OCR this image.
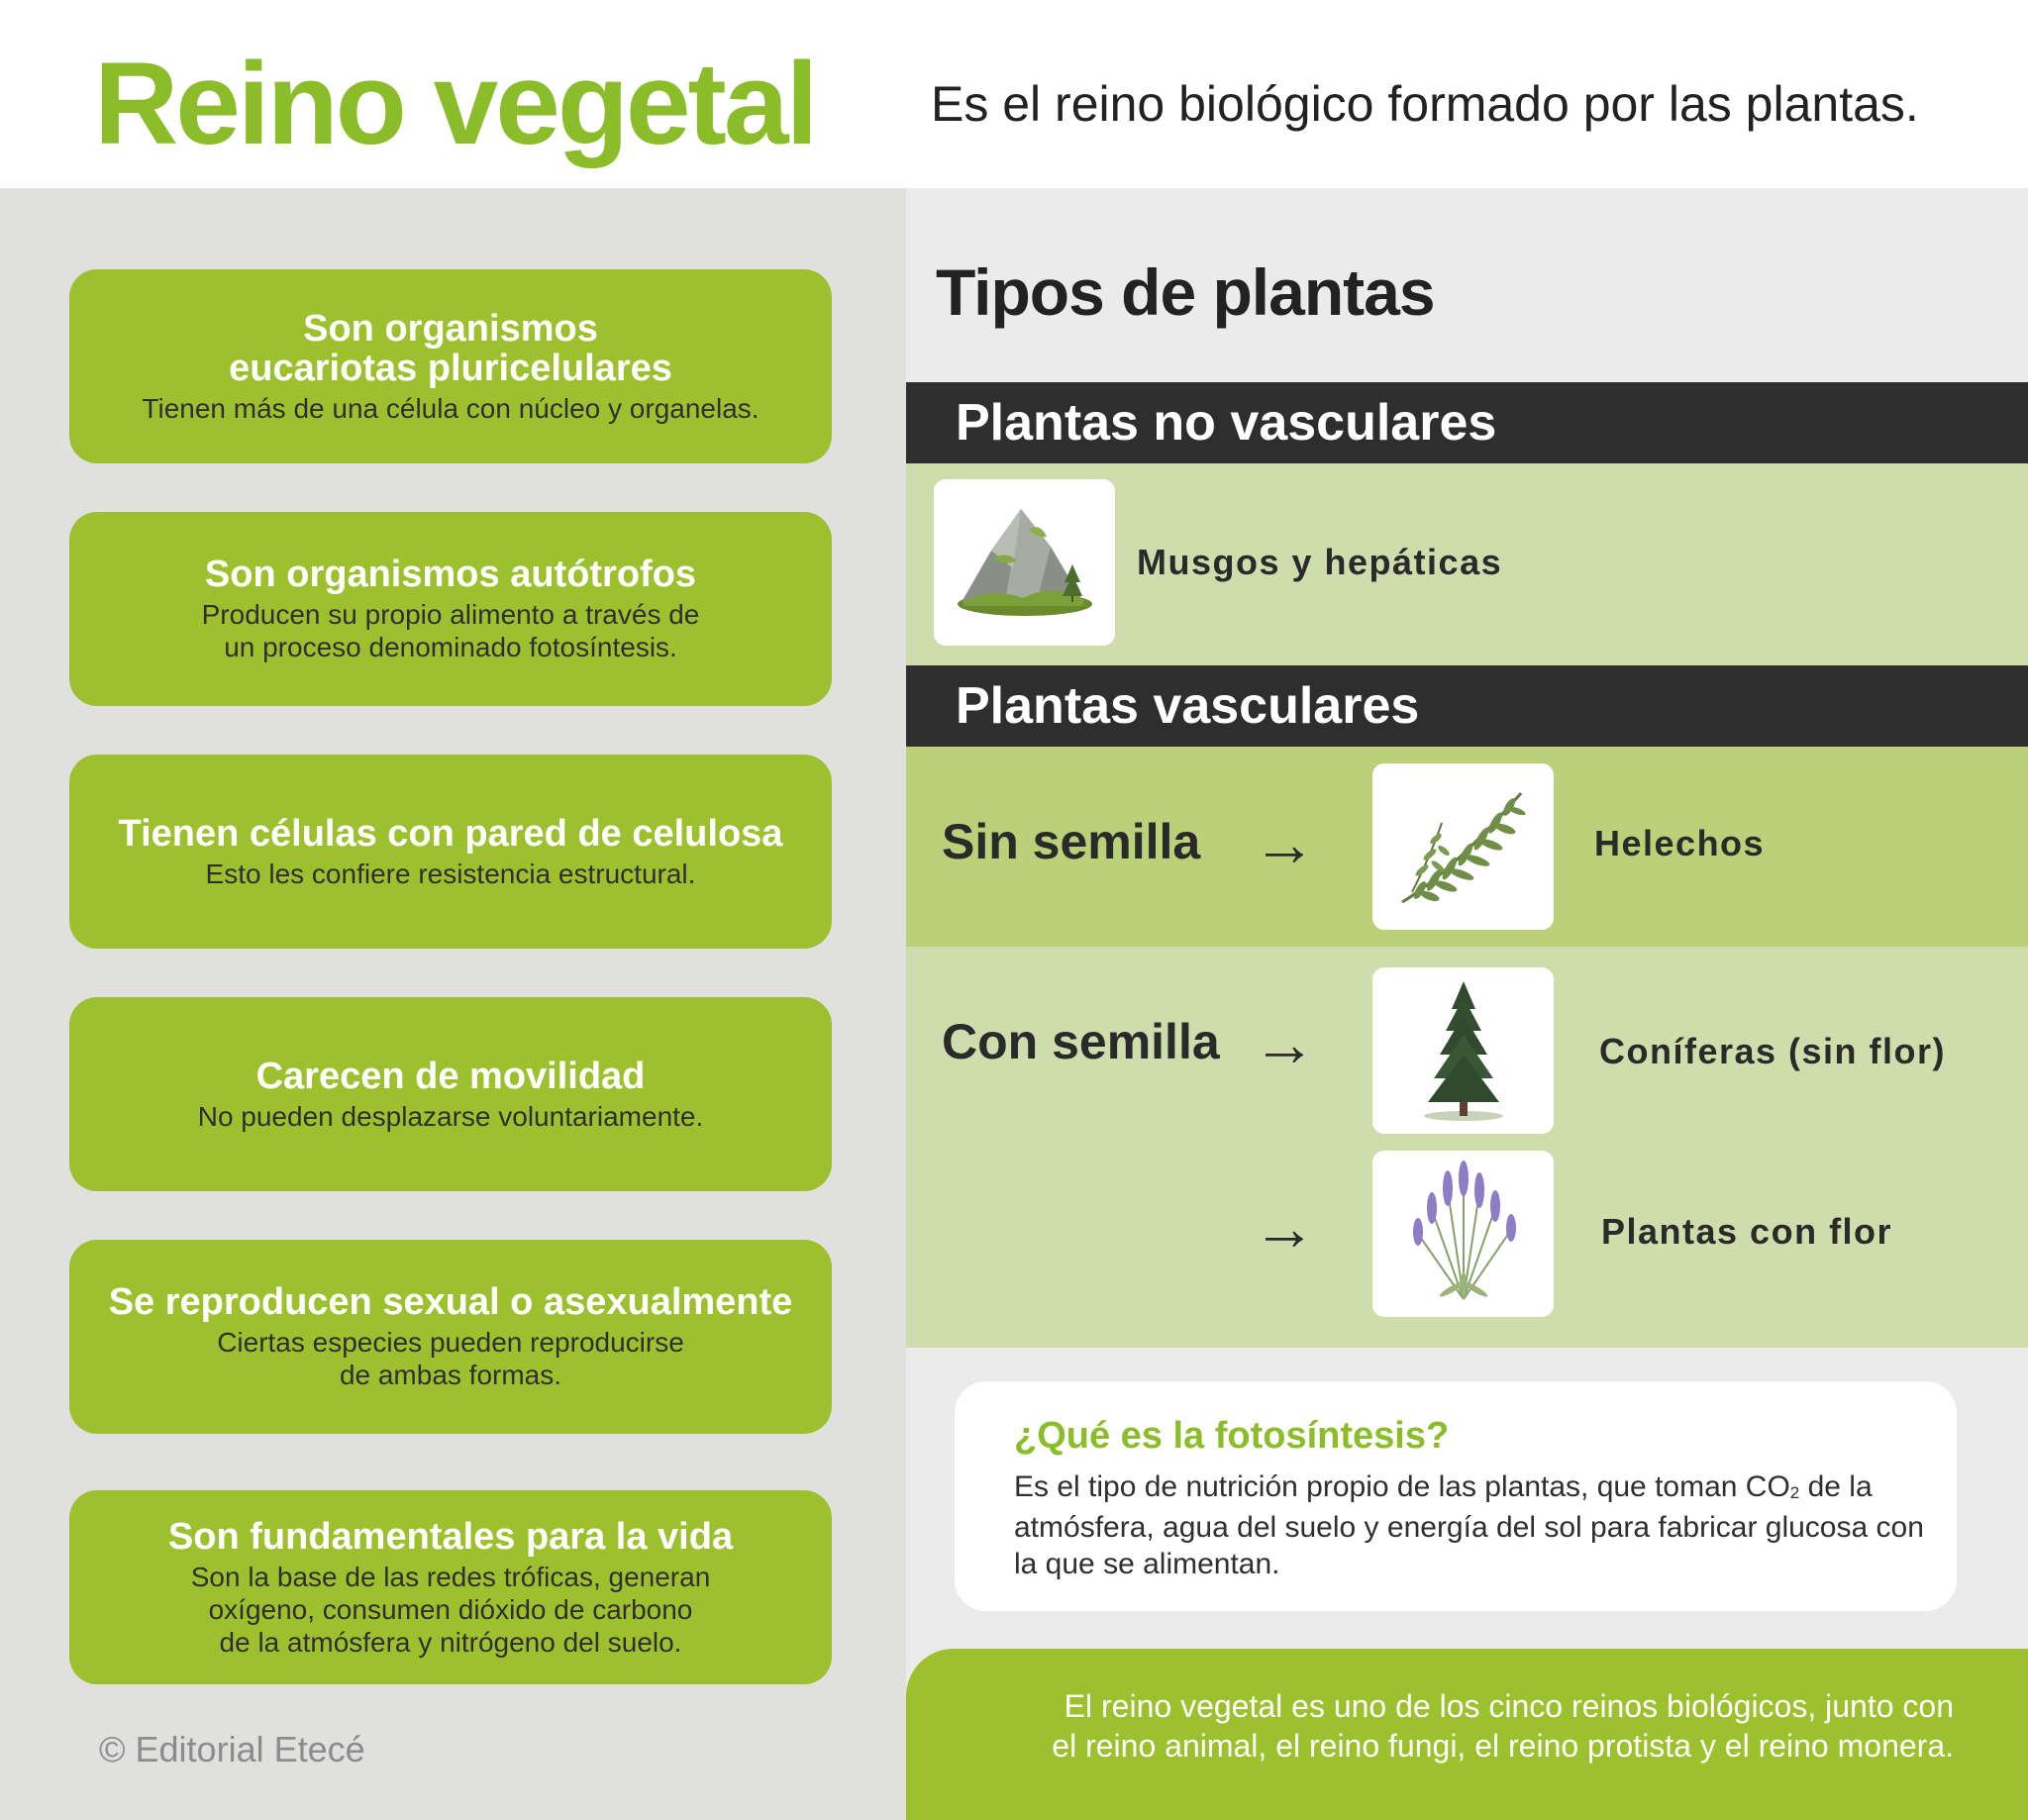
Reino vegetal Es el reino biológico formado por las plantas.
Son organismos
eucariotas pluricelulares
Tienen más de una célula con núcleo y organelas.
Son organismos autótrofos
Producen su propio alimento a través de
un proceso denominado fotosíntesis.
Tienen células con pared de celulosa
Esto les confiere resistencia estructural.
Carecen de movilidad
No pueden desplazarse voluntariamente.
Se reproducen sexual o asexualmente
Ciertas especies pueden reproducirse
de ambas formas.
Son fundamentales para la vida
Son la base de las redes tróficas, generan
oxígeno, consumen dióxido de carbono
de la atmósfera y nitrógeno del suelo.
© Editorial Etecé
Tipos de plantas
Plantas no vasculares
Musgos y hepáticas
Plantas vasculares
Sin semilla →	Helechos
Con semilla →	Coníferas (sin flor)
→	Plantas con flor
¿Qué es la fotosíntesis?
Es el tipo de nutrición propio de las plantas, que toman $CO_2$ de la atmósfera, agua del suelo y energía del sol para fabricar glucosa con la que se alimentan.
El reino vegetal es uno de los cinco reinos biológicos, junto con
el reino animal, el reino fungi, el reino protista y el reino monera.
